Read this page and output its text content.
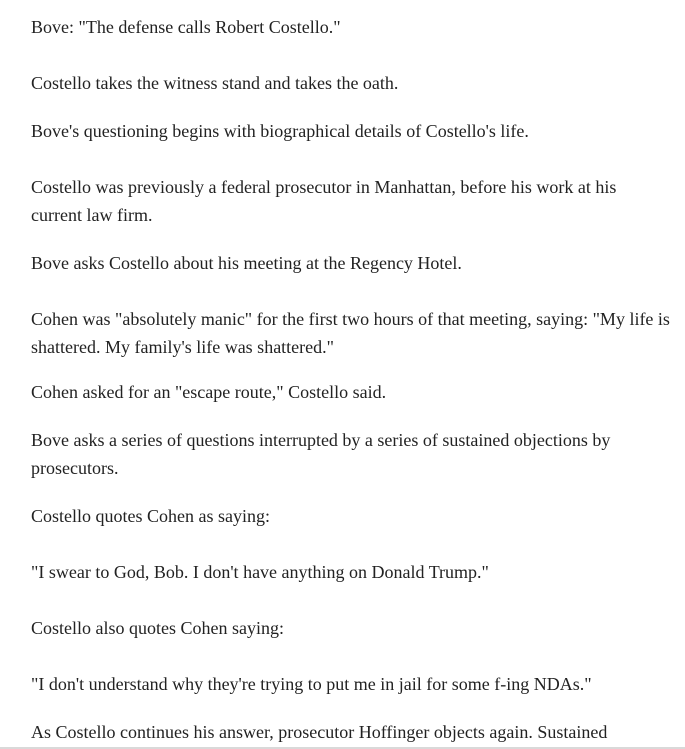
Bove: "The defense calls Robert Costello."

Costello takes the witness stand and takes the oath.

Bove's questioning begins with biographical details of Costello's life.

Costello was previously a federal prosecutor in Manhattan, before his work at his current law firm.

Bove asks Costello about his meeting at the Regency Hotel.

Cohen was "absolutely manic" for the first two hours of that meeting, saying: "My life is shattered. My family's life was shattered."

Cohen asked for an "escape route," Costello said.

Bove asks a series of questions interrupted by a series of sustained objections by prosecutors.

Costello quotes Cohen as saying:

"I swear to God, Bob. I don't have anything on Donald Trump."

Costello also quotes Cohen saying:

"I don't understand why they're trying to put me in jail for some f-ing NDAs."

As Costello continues his answer, prosecutor Hoffinger objects again. Sustained
